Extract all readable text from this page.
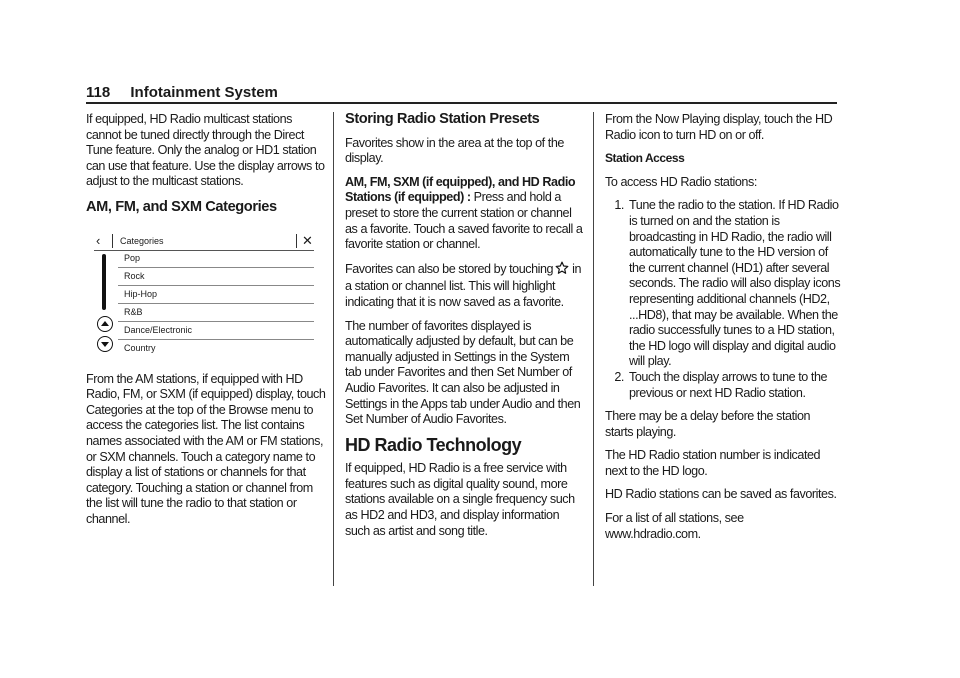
118 Infotainment System

If equipped, HD Radio multicast stations cannot be tuned directly through the Direct Tune feature. Only the analog or HD1 station can use that feature. Use the display arrows to adjust to the multicast stations.

AM, FM, and SXM Categories
‹ Categories	✕
Pop
Rock
Hip-Hop
R&B
Dance/Electronic
Country

From the AM stations, if equipped with HD Radio, FM, or SXM (if equipped) display, touch Categories at the top of the Browse menu to access the categories list. The list contains names associated with the AM or FM stations, or SXM channels. Touch a category name to display a list of stations or channels for that category. Touching a station or channel from the list will tune the radio to that station or channel.

Storing Radio Station Presets

Favorites show in the area at the top of the display.

AM, FM, SXM (if equipped), and HD Radio Stations (if equipped) : Press and hold a preset to store the current station or channel as a favorite. Touch a saved favorite to recall a favorite station or channel.

Favorites can also be stored by touching in a station or channel list. This will highlight indicating that it is now saved as a favorite.

The number of favorites displayed is automatically adjusted by default, but can be manually adjusted in Settings in the System tab under Favorites and then Set Number of Audio Favorites. It can also be adjusted in Settings in the Apps tab under Audio and then Set Number of Audio Favorites.

HD Radio Technology

If equipped, HD Radio is a free service with features such as digital quality sound, more stations available on a single frequency such as HD2 and HD3, and display information such as artist and song title.

From the Now Playing display, touch the HD Radio icon to turn HD on or off.

Station Access

To access HD Radio stations:

1. Tune the radio to the station. If HD Radio is turned on and the station is broadcasting in HD Radio, the radio will automatically tune to the HD version of the current channel (HD1) after several seconds. The radio will also display icons representing additional channels (HD2, ...HD8), that may be available. When the radio successfully tunes to a HD station, the HD logo will display and digital audio will play.
2. Touch the display arrows to tune to the previous or next HD Radio station.

There may be a delay before the station starts playing.

The HD Radio station number is indicated next to the HD logo.

HD Radio stations can be saved as favorites.

For a list of all stations, see www.hdradio.com.
